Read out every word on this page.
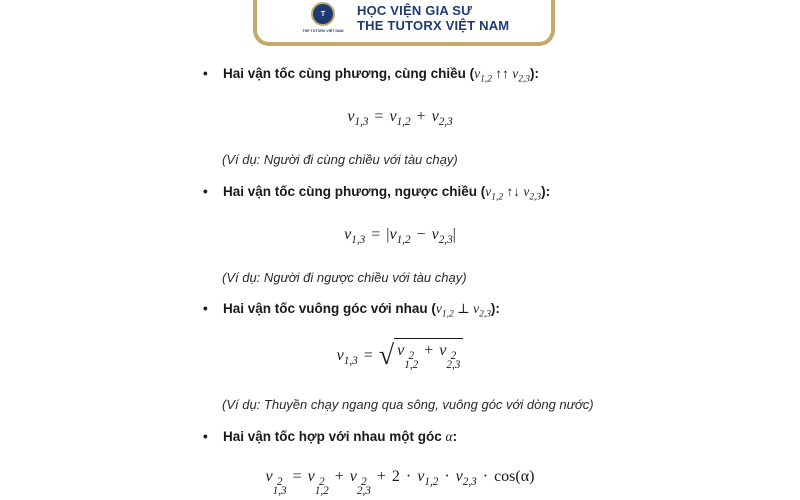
T
THE TUTORX VIỆT NAM
HỌC VIỆN GIA SƯ
THE TUTORX VIỆT NAM
• Hai vận tốc cùng phương, cùng chiều ($v_{1,2}$ ↑↑ $v_{2,3}$):
$v_{1,3} = v_{1,2} + v_{2,3}$
(Ví dụ: Người đi cùng chiều với tàu chạy)
• Hai vận tốc cùng phương, ngược chiều ($v_{1,2}$ ↑↓ $v_{2,3}$):
$v_{1,3} = |v_{1,2} - v_{2,3}|$
(Ví dụ: Người đi ngược chiều với tàu chạy)
• Hai vận tốc vuông góc với nhau ($v_{1,2}$ ⊥ $v_{2,3}$):
$v_{1,3}$ = √ v 2
1,2
+ v 2
2,3
(Ví dụ: Thuyền chạy ngang qua sông, vuông góc với dòng nước)
• Hai vận tốc hợp với nhau một góc α:
v 2
1,3
= v 2
1,2
+ v 2
2,3
+ $2 \cdot v_{1,2} \cdot v_{2,3} \cdot \cos(\alpha)$
